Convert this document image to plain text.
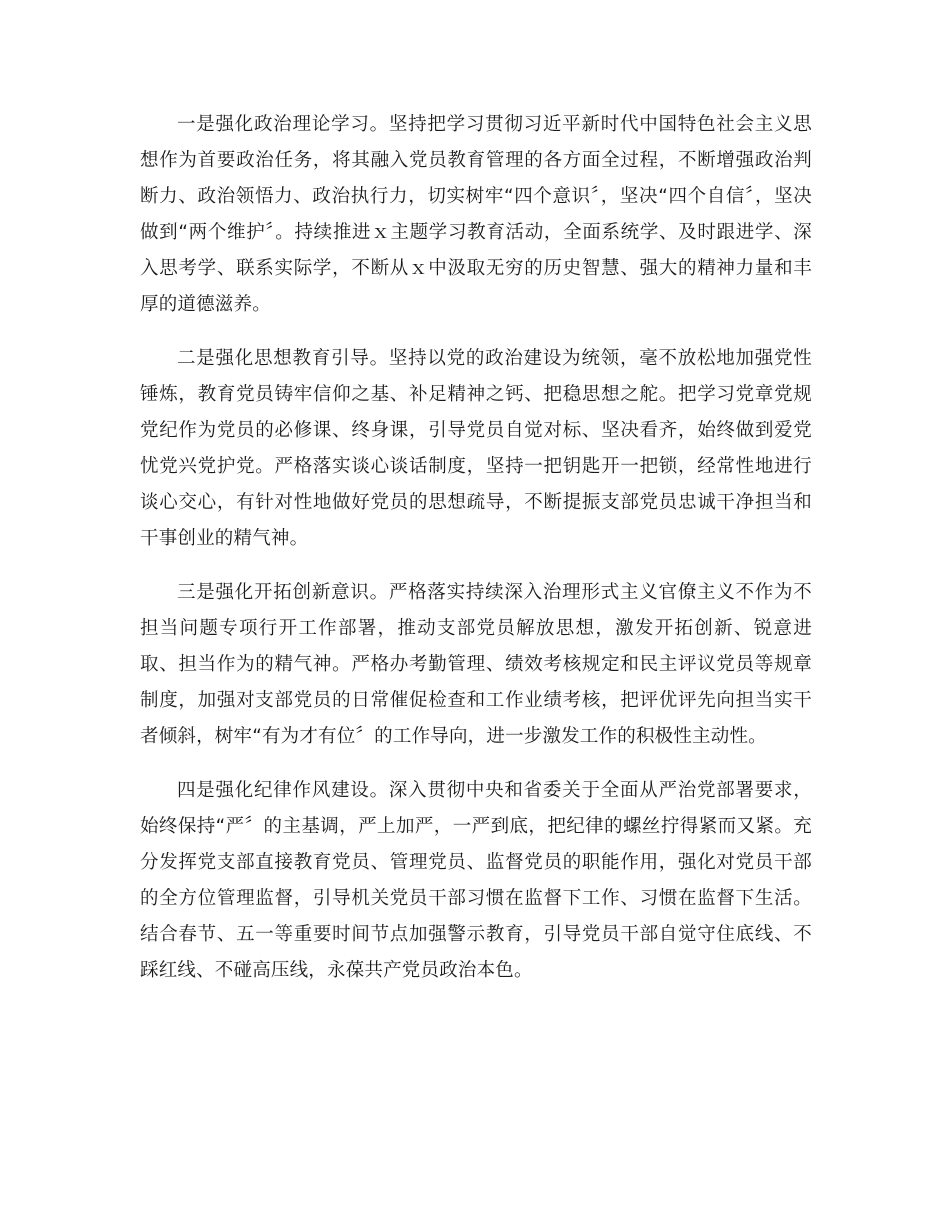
一是强化政治理论学习。坚持把学习贯彻习近平新时代中国特色社会主义思想作为首要政治任务，将其融入党员教育管理的各方面全过程，不断增强政治判断力、政治领悟力、政治执行力，切实树牢“四个意识〞，坚决“四个自信〞，坚决做到“两个维护〞。持续推进ｘ主题学习教育活动，全面系统学、及时跟进学、深入思考学、联系实际学，不断从ｘ中汲取无穷的历史智慧、强大的精神力量和丰厚的道德滋养。

二是强化思想教育引导。坚持以党的政治建设为统领，毫不放松地加强党性锤炼，教育党员铸牢信仰之基、补足精神之钙、把稳思想之舵。把学习党章党规党纪作为党员的必修课、终身课，引导党员自觉对标、坚决看齐，始终做到爱党忧党兴党护党。严格落实谈心谈话制度，坚持一把钥匙开一把锁，经常性地进行谈心交心，有针对性地做好党员的思想疏导，不断提振支部党员忠诚干净担当和干事创业的精气神。

三是强化开拓创新意识。严格落实持续深入治理形式主义官僚主义不作为不担当问题专项行开工作部署，推动支部党员解放思想，激发开拓创新、锐意进取、担当作为的精气神。严格办考勤管理、绩效考核规定和民主评议党员等规章制度，加强对支部党员的日常催促检查和工作业绩考核，把评优评先向担当实干者倾斜，树牢“有为才有位〞的工作导向，进一步激发工作的积极性主动性。

四是强化纪律作风建设。深入贯彻中央和省委关于全面从严治党部署要求，始终保持“严〞的主基调，严上加严，一严到底，把纪律的螺丝拧得紧而又紧。充分发挥党支部直接教育党员、管理党员、监督党员的职能作用，强化对党员干部的全方位管理监督，引导机关党员干部习惯在监督下工作、习惯在监督下生活。结合春节、五一等重要时间节点加强警示教育，引导党员干部自觉守住底线、不踩红线、不碰高压线，永葆共产党员政治本色。
